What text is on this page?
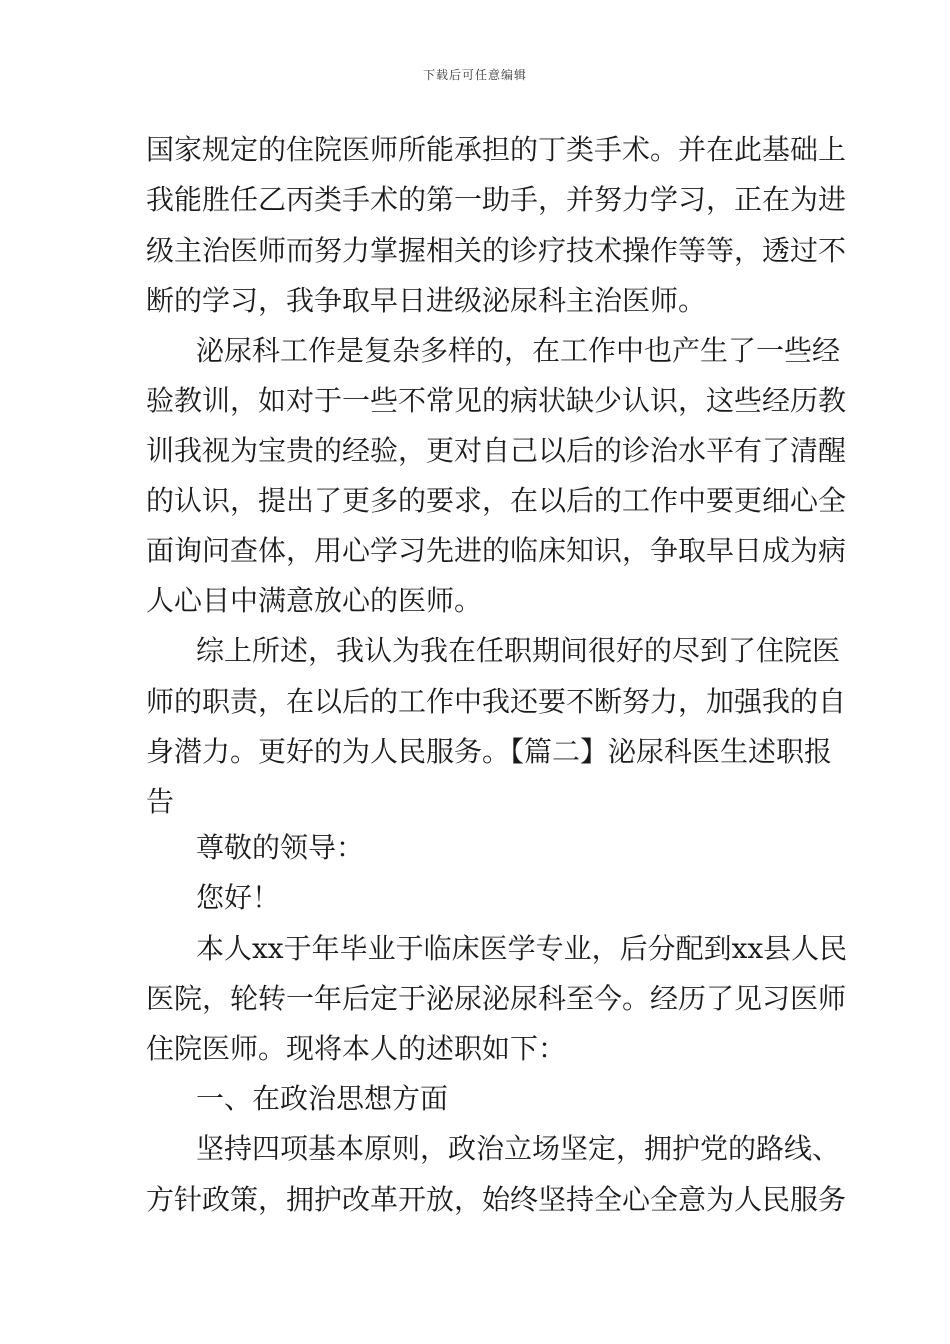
下载后可任意编辑
国家规定的住院医师所能承担的丁类手术。并在此基础上
我能胜任乙丙类手术的第一助手，并努力学习，正在为进
级主治医师而努力掌握相关的诊疗技术操作等等，透过不
断的学习，我争取早日进级泌尿科主治医师。
泌尿科工作是复杂多样的，在工作中也产生了一些经
验教训，如对于一些不常见的病状缺少认识，这些经历教
训我视为宝贵的经验，更对自己以后的诊治水平有了清醒
的认识，提出了更多的要求，在以后的工作中要更细心全
面询问查体，用心学习先进的临床知识，争取早日成为病
人心目中满意放心的医师。
综上所述，我认为我在任职期间很好的尽到了住院医
师的职责，在以后的工作中我还要不断努力，加强我的自
身潜力。更好的为人民服务。【篇二】泌尿科医生述职报
告
尊敬的领导：
您好！
本人xx于年毕业于临床医学专业，后分配到xx县人民
医院，轮转一年后定于泌尿泌尿科至今。经历了见习医师
住院医师。现将本人的述职如下：
一、在政治思想方面
坚持四项基本原则，政治立场坚定，拥护党的路线、
方针政策，拥护改革开放，始终坚持全心全意为人民服务
